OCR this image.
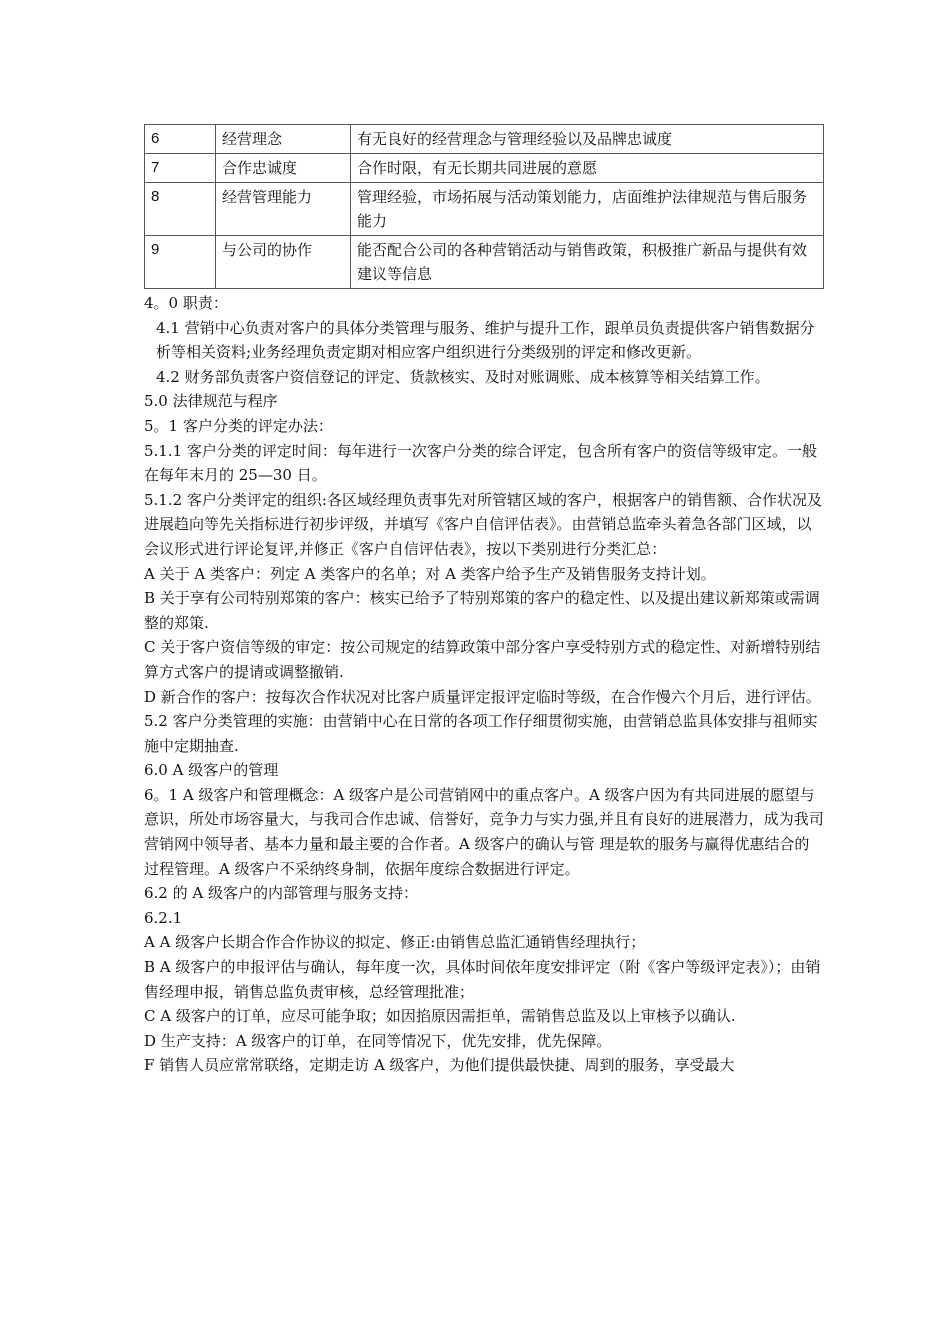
6	经营理念	有无良好的经营理念与管理经验以及品牌忠诚度
7	合作忠诚度	合作时限，有无长期共同进展的意愿
8	经营管理能力	管理经验，市场拓展与活动策划能力，店面维护法律规范与售后服务能力
9	与公司的协作	能否配合公司的各种营销活动与销售政策，积极推广新品与提供有效建议等信息

4。0 职责：

4.1 营销中心负责对客户的具体分类管理与服务、维护与提升工作，跟单员负责提供客户销售数据分析等相关资料;业务经理负责定期对相应客户组织进行分类级别的评定和修改更新。

4.2 财务部负责客户资信登记的评定、货款核实、及时对账调账、成本核算等相关结算工作。

5.0 法律规范与程序

5。1 客户分类的评定办法：

5.1.1 客户分类的评定时间：每年进行一次客户分类的综合评定，包含所有客户的资信等级审定。一般在每年末月的 25—30 日。

5.1.2 客户分类评定的组织:各区域经理负责事先对所管辖区域的客户，根据客户的销售额、合作状况及进展趋向等先关指标进行初步评级，并填写《客户自信评估表》。由营销总监牵头着急各部门区域，以会议形式进行评论复评,并修正《客户自信评估表》，按以下类别进行分类汇总：

A 关于 A 类客户：列定 A 类客户的名单；对 A 类客户给予生产及销售服务支持计划。

B 关于享有公司特别郑策的客户：核实已给予了特别郑策的客户的稳定性、以及提出建议新郑策或需调整的郑策.

C 关于客户资信等级的审定：按公司规定的结算政策中部分客户享受特别方式的稳定性、对新增特别结算方式客户的提请或调整撤销.

D 新合作的客户：按每次合作状况对比客户质量评定报评定临时等级，在合作慢六个月后，进行评估。

5.2 客户分类管理的实施：由营销中心在日常的各项工作仔细贯彻实施，由营销总监具体安排与祖师实施中定期抽查.

6.0 A 级客户的管理

6。1 A 级客户和管理概念：A 级客户是公司营销网中的重点客户。A 级客户因为有共同进展的愿望与意识，所处市场容量大，与我司合作忠诚、信誉好，竞争力与实力强,并且有良好的进展潜力，成为我司营销网中领导者、基本力量和最主要的合作者。A 级客户的确认与管 理是软的服务与赢得优惠结合的过程管理。A 级客户不采纳终身制，依据年度综合数据进行评定。

6.2 的 A 级客户的内部管理与服务支持：

6.2.1

A A 级客户长期合作合作协议的拟定、修正:由销售总监汇通销售经理执行；

B A 级客户的申报评估与确认，每年度一次，具体时间依年度安排评定（附《客户等级评定表》）；由销售经理申报，销售总监负责审核，总经管理批准；

C A 级客户的订单，应尽可能争取；如因掐原因需拒单，需销售总监及以上审核予以确认.

D 生产支持：A 级客户的订单，在同等情况下，优先安排，优先保障。

F 销售人员应常常联络，定期走访 A 级客户，为他们提供最快捷、周到的服务，享受最大
